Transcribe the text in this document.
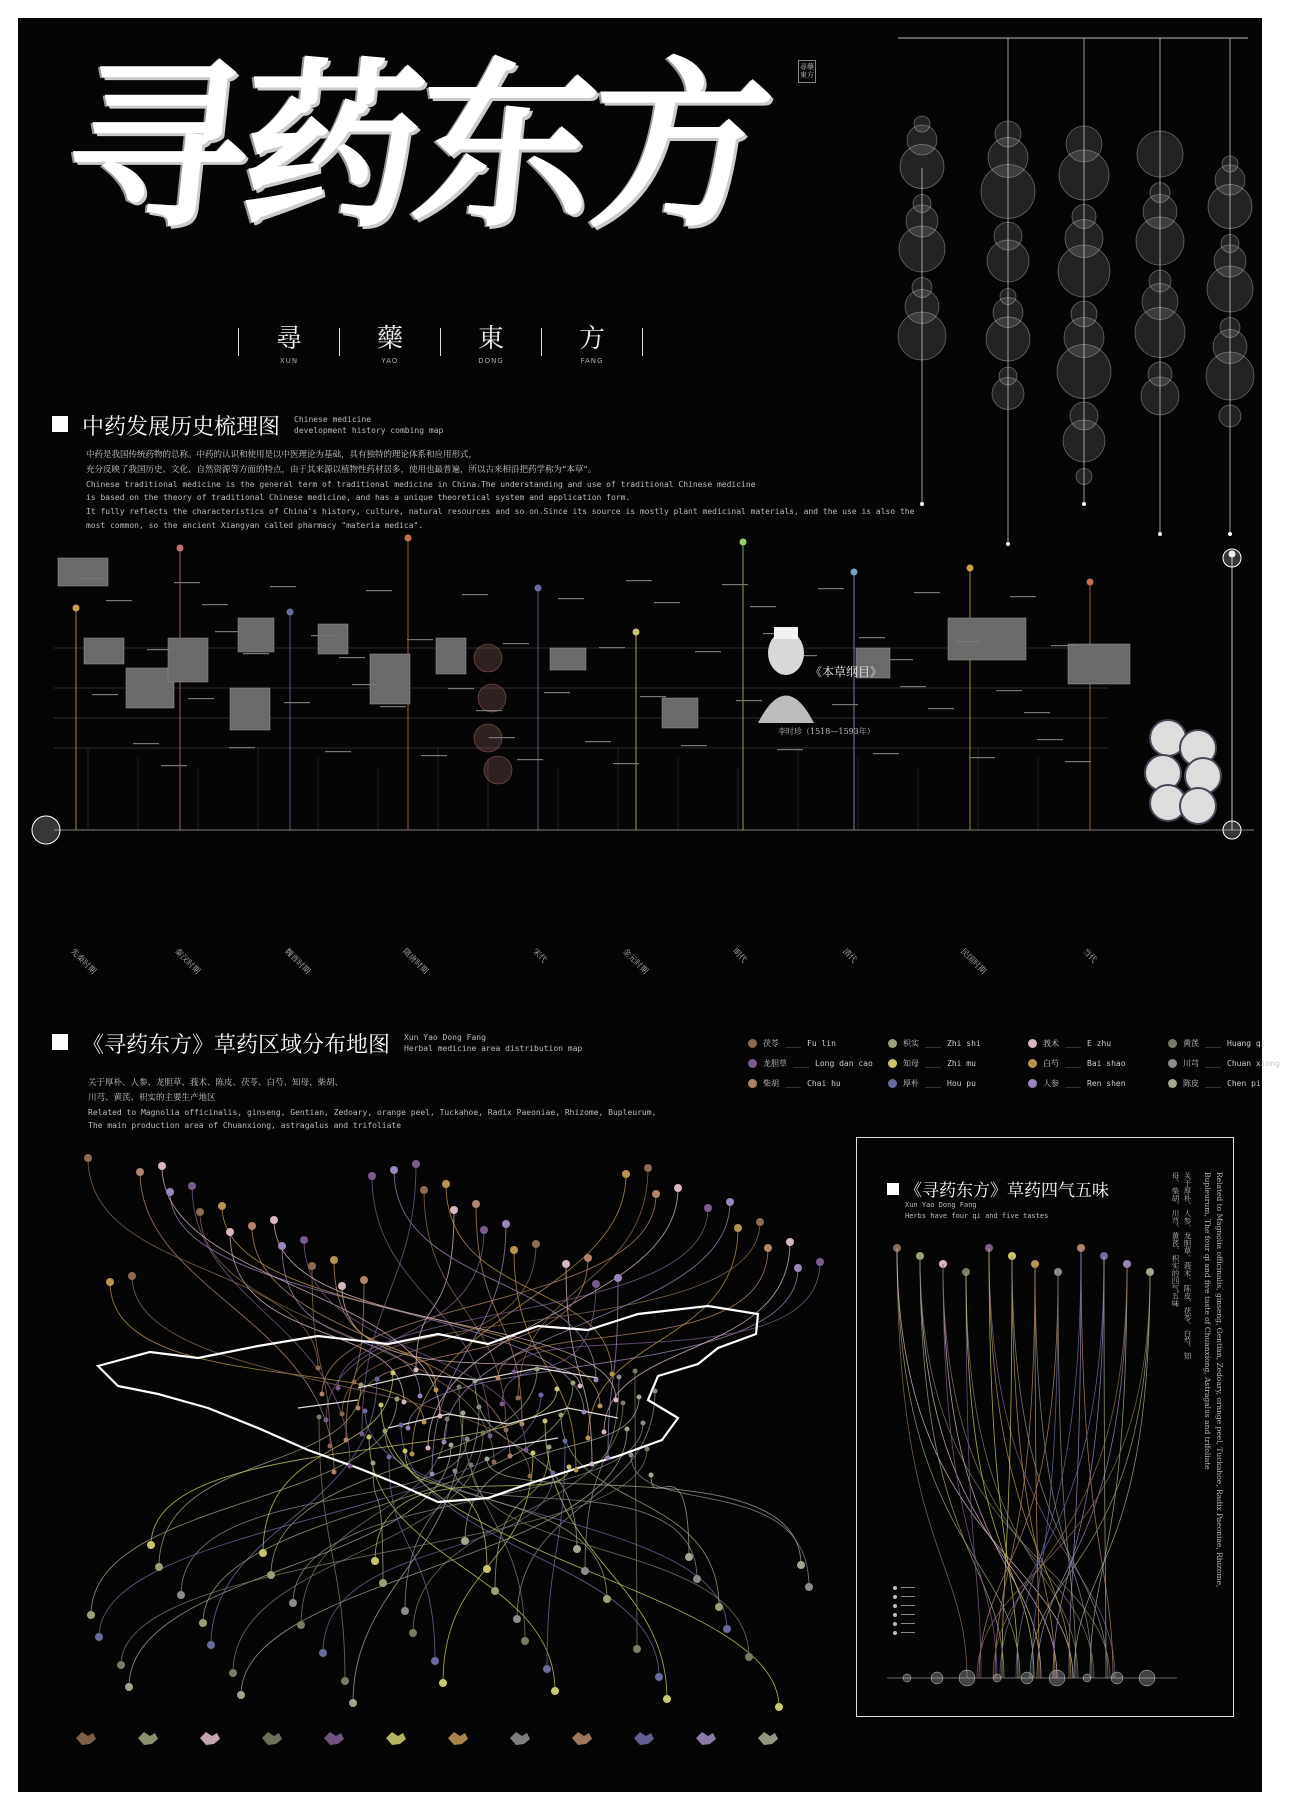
寻药东方	尋藥東方
尋
XUN
藥
YAO
東
DONG
方
FANG
中药发展历史梳理图 Chinese medicine
development history combing map
中药是我国传统药物的总称。中药的认识和使用是以中医理论为基础，具有独特的理论体系和应用形式，
充分反映了我国历史、文化、自然资源等方面的特点，由于其来源以植物性药材居多，使用也最普遍，所以古来相沿把药学称为“本草”。
Chinese traditional medicine is the general term of traditional medicine in China.The understanding and use of traditional Chinese medicine
is based on the theory of traditional Chinese medicine, and has a unique theoretical system and application form.
It fully reflects the characteristics of China's history, culture, natural resources and so on.Since its source is mostly plant medicinal materials, and the use is also the
most common, so the ancient Xiangyan called pharmacy "materia medica".
《本草纲目》
李时珍（1518—1593年）
先秦时期	秦汉时期	魏晋时期	隋唐时期	宋代	金元时期	明代	清代	民国时期	当代
《寻药东方》草药区域分布地图 Xun Yao Dong Fang
Herbal medicine area distribution map
关于厚朴、人参、龙胆草、莪术、陈皮、茯苓、白芍、知母、柴胡、
川芎、黄芪、枳实的主要生产地区
Related to Magnolia officinalis, ginseng, Gentian, Zedoary, orange peel, Tuckahoe, Radix Paeoniae, Rhizome, Bupleurum,
The main production area of Chuanxiong, astragalus and trifoliate
茯苓 ____ Fu lin	枳实 ____ Zhi shi	莪术 ____ E zhu	黄芪 ____ Huang qi
龙胆草 ____ Long dan cao	知母 ____ Zhi mu	白芍 ____ Bai shao	川芎 ____ Chuan xiong
柴胡 ____ Chai hu	厚朴 ____ Hou pu	人参 ____ Ren shen	陈皮 ____ Chen pi
《寻药东方》草药四气五味
Xun Yao Dong Fang
Herbs have four qi and five tastes	Related to Magnolia officinalis, ginseng, Gentian, Zedoary, orange peel, Tuckahoe, Radix Paeoniae, Rhizome, Bupleurum, The four qi and five taste of Chuanxiong, Astragalus and trifoliate
关于厚朴、人参、龙胆草、莪术、陈皮、茯苓、白芍、知母、柴胡、川芎、黄芪、枳实的四气五味
